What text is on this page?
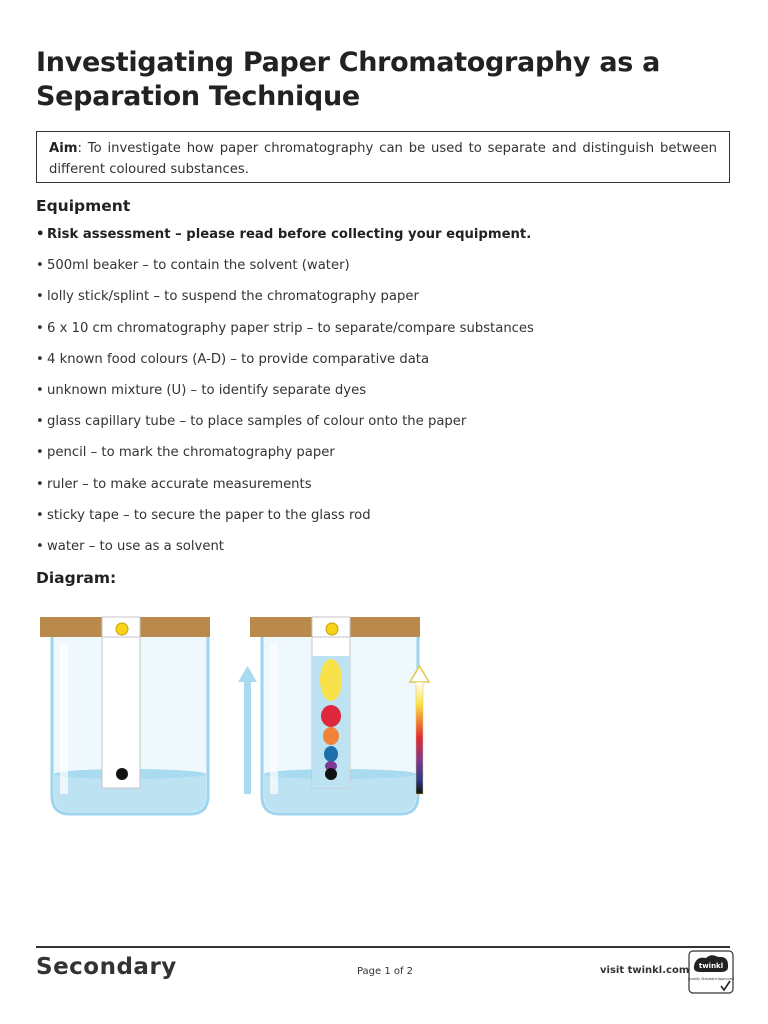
Investigating Paper Chromatography as a
Separation Technique
Aim: To investigate how paper chromatography can be used to separate and distinguish between different coloured substances.
Equipment
• Risk assessment – please read before collecting your equipment.
• 500ml beaker – to contain the solvent (water)
• lolly stick/splint – to suspend the chromatography paper
• 6 x 10 cm chromatography paper strip – to separate/compare substances
• 4 known food colours (A-D) – to provide comparative data
• unknown mixture (U) – to identify separate dyes
• glass capillary tube – to place samples of colour onto the paper
• pencil – to mark the chromatography paper
• ruler – to make accurate measurements
• sticky tape – to secure the paper to the glass rod
• water – to use as a solvent
Diagram:
Secondary	Page 1 of 2	visit twinkl.com twinkl
Quality Standard Approved
